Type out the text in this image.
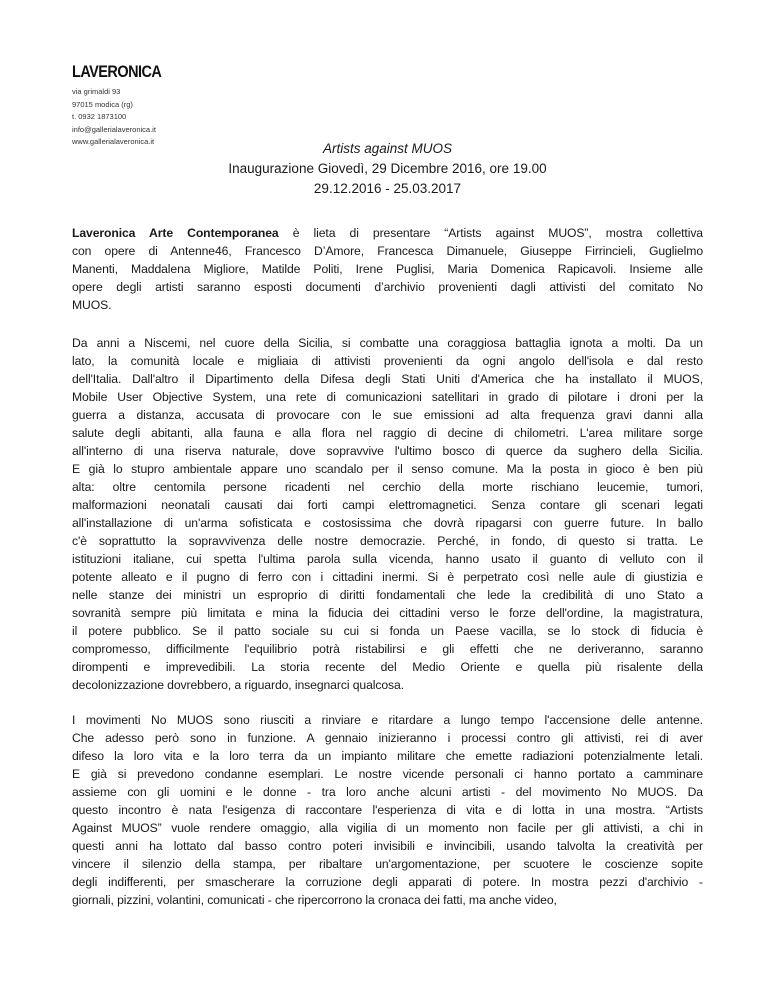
LAVERONICA
via grimaldi 93
97015 modica (rg)
t. 0932 1873100
info@gallerialaveronica.it
www.gallerialaveronica.it	Artists against MUOS
Inaugurazione Giovedì, 29 Dicembre 2016, ore 19.00
29.12.2016 - 25.03.2017
Laveronica Arte Contemporanea è lieta di presentare “Artists against MUOS”, mostra collettiva
con opere di Antenne46, Francesco D’Amore, Francesca Dimanuele, Giuseppe Firrincieli, Guglielmo
Manenti, Maddalena Migliore, Matilde Politi, Irene Puglisi, Maria Domenica Rapicavoli. Insieme alle
opere degli artisti saranno esposti documenti d’archivio provenienti dagli attivisti del comitato No
MUOS.
Da anni a Niscemi, nel cuore della Sicilia, si combatte una coraggiosa battaglia ignota a molti. Da un
lato, la comunità locale e migliaia di attivisti provenienti da ogni angolo dell'isola e dal resto
dell'Italia. Dall'altro il Dipartimento della Difesa degli Stati Uniti d'America che ha installato il MUOS,
Mobile User Objective System, una rete di comunicazioni satellitari in grado di pilotare i droni per la
guerra a distanza, accusata di provocare con le sue emissioni ad alta frequenza gravi danni alla
salute degli abitanti, alla fauna e alla flora nel raggio di decine di chilometri. L'area militare sorge
all'interno di una riserva naturale, dove sopravvive l'ultimo bosco di querce da sughero della Sicilia.
E già lo stupro ambientale appare uno scandalo per il senso comune. Ma la posta in gioco è ben più
alta: oltre centomila persone ricadenti nel cerchio della morte rischiano leucemie, tumori,
malformazioni neonatali causati dai forti campi elettromagnetici. Senza contare gli scenari legati
all'installazione di un'arma sofisticata e costosissima che dovrà ripagarsi con guerre future. In ballo
c'è soprattutto la sopravvivenza delle nostre democrazie. Perché, in fondo, di questo si tratta. Le
istituzioni italiane, cui spetta l'ultima parola sulla vicenda, hanno usato il guanto di velluto con il
potente alleato e il pugno di ferro con i cittadini inermi. Si è perpetrato così nelle aule di giustizia e
nelle stanze dei ministri un esproprio di diritti fondamentali che lede la credibilità di uno Stato a
sovranità sempre più limitata e mina la fiducia dei cittadini verso le forze dell'ordine, la magistratura,
il potere pubblico. Se il patto sociale su cui si fonda un Paese vacilla, se lo stock di fiducia è
compromesso, difficilmente l'equilibrio potrà ristabilirsi e gli effetti che ne deriveranno, saranno
dirompenti e imprevedibili. La storia recente del Medio Oriente e quella più risalente della
decolonizzazione dovrebbero, a riguardo, insegnarci qualcosa.
I movimenti No MUOS sono riusciti a rinviare e ritardare a lungo tempo l'accensione delle antenne.
Che adesso però sono in funzione. A gennaio inizieranno i processi contro gli attivisti, rei di aver
difeso la loro vita e la loro terra da un impianto militare che emette radiazioni potenzialmente letali.
E già si prevedono condanne esemplari. Le nostre vicende personali ci hanno portato a camminare
assieme con gli uomini e le donne - tra loro anche alcuni artisti - del movimento No MUOS. Da
questo incontro è nata l'esigenza di raccontare l'esperienza di vita e di lotta in una mostra. “Artists
Against MUOS” vuole rendere omaggio, alla vigilia di un momento non facile per gli attivisti, a chi in
questi anni ha lottato dal basso contro poteri invisibili e invincibili, usando talvolta la creatività per
vincere il silenzio della stampa, per ribaltare un'argomentazione, per scuotere le coscienze sopite
degli indifferenti, per smascherare la corruzione degli apparati di potere. In mostra pezzi d'archivio -
giornali, pizzini, volantini, comunicati - che ripercorrono la cronaca dei fatti, ma anche video,
